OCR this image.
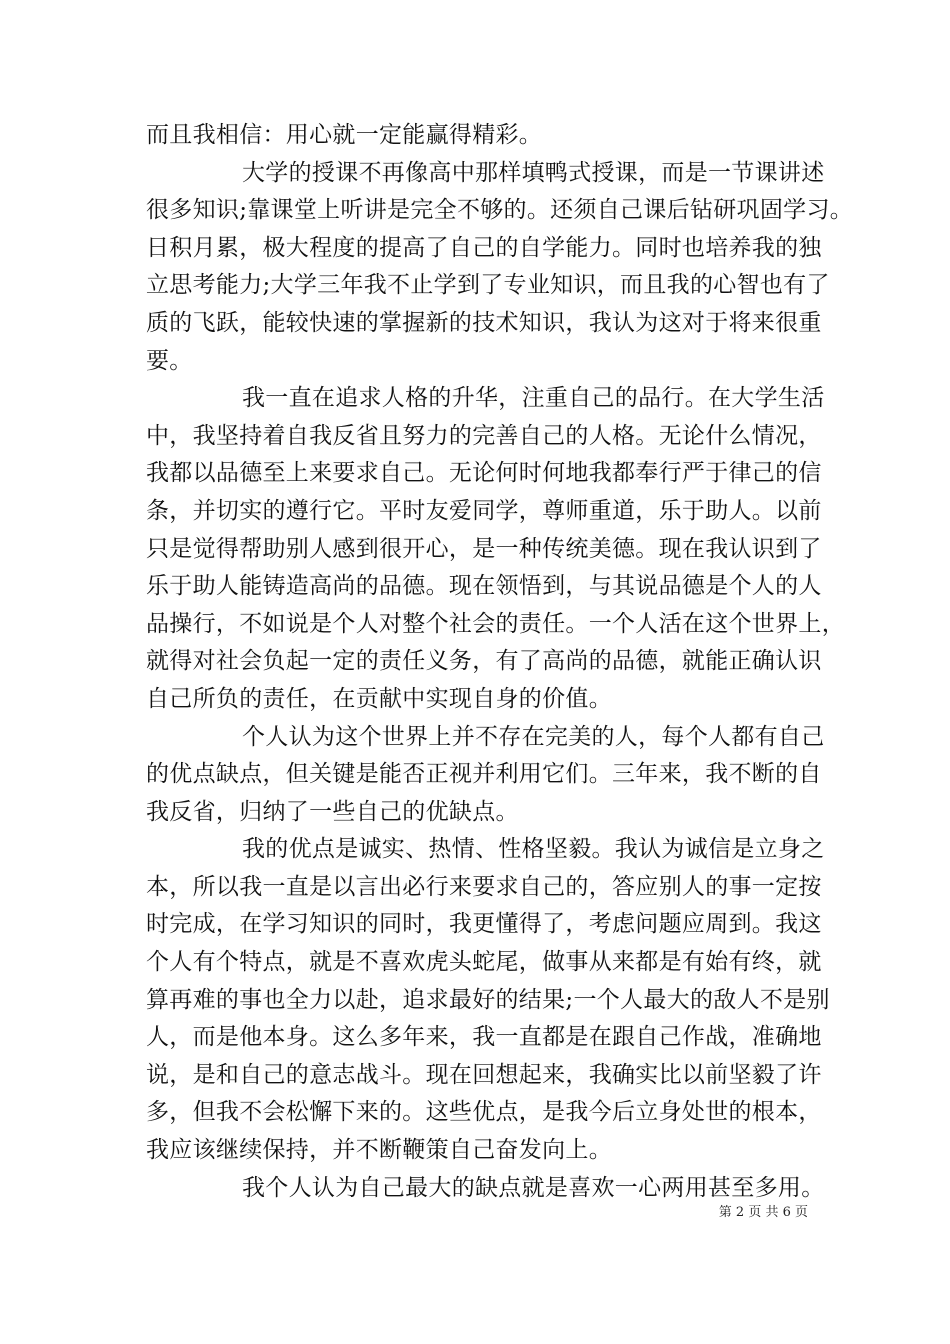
而且我相信：用心就一定能赢得精彩。
大学的授课不再像高中那样填鸭式授课，而是一节课讲述
很多知识;靠课堂上听讲是完全不够的。还须自己课后钻研巩固学习。
日积月累，极大程度的提高了自己的自学能力。同时也培养我的独
立思考能力;大学三年我不止学到了专业知识，而且我的心智也有了
质的飞跃，能较快速的掌握新的技术知识，我认为这对于将来很重
要。
我一直在追求人格的升华，注重自己的品行。在大学生活
中，我坚持着自我反省且努力的完善自己的人格。无论什么情况，
我都以品德至上来要求自己。无论何时何地我都奉行严于律己的信
条，并切实的遵行它。平时友爱同学，尊师重道，乐于助人。以前
只是觉得帮助别人感到很开心，是一种传统美德。现在我认识到了
乐于助人能铸造高尚的品德。现在领悟到，与其说品德是个人的人
品操行，不如说是个人对整个社会的责任。一个人活在这个世界上，
就得对社会负起一定的责任义务，有了高尚的品德，就能正确认识
自己所负的责任，在贡献中实现自身的价值。
个人认为这个世界上并不存在完美的人，每个人都有自己
的优点缺点，但关键是能否正视并利用它们。三年来，我不断的自
我反省，归纳了一些自己的优缺点。
我的优点是诚实、热情、性格坚毅。我认为诚信是立身之
本，所以我一直是以言出必行来要求自己的，答应别人的事一定按
时完成，在学习知识的同时，我更懂得了，考虑问题应周到。我这
个人有个特点，就是不喜欢虎头蛇尾，做事从来都是有始有终，就
算再难的事也全力以赴，追求最好的结果;一个人最大的敌人不是别
人，而是他本身。这么多年来，我一直都是在跟自己作战，准确地
说，是和自己的意志战斗。现在回想起来，我确实比以前坚毅了许
多，但我不会松懈下来的。这些优点，是我今后立身处世的根本，
我应该继续保持，并不断鞭策自己奋发向上。
我个人认为自己最大的缺点就是喜欢一心两用甚至多用。
第 2 页 共 6 页
